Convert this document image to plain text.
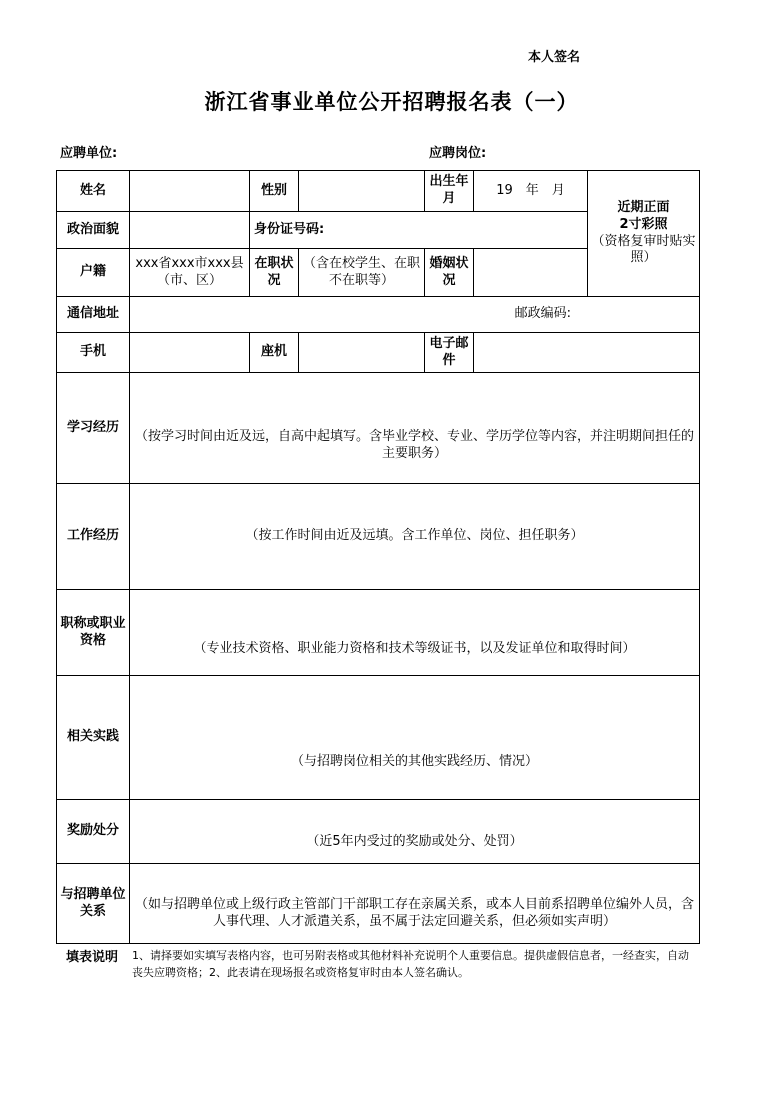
本人签名
浙江省事业单位公开招聘报名表（一）
应聘单位:	应聘岗位:
姓名		性别		出生年月	19　年　月	近期正面
2寸彩照
（资格复审时贴实照）

政治面貌		身份证号码:				
户籍	xxx省xxx市xxx县（市、区）	在职状况	（含在校学生、在职不在职等）	婚姻状况		
通信地址	邮政编码:					

手机		座机		电子邮件		
学习经历	（按学习时间由近及远，自高中起填写。含毕业学校、专业、学历学位等内容，并注明期间担任的主要职务）					
工作经历	（按工作时间由近及远填。含工作单位、岗位、担任职务）					
职称或职业资格	（专业技术资格、职业能力资格和技术等级证书，以及发证单位和取得时间）					
相关实践	（与招聘岗位相关的其他实践经历、情况）					
奖励处分	（近5年内受过的奖励或处分、处罚）					
与招聘单位关系	（如与招聘单位或上级行政主管部门干部职工存在亲属关系，或本人目前系招聘单位编外人员，含人事代理、人才派遣关系，虽不属于法定回避关系，但必须如实声明）					
填表说明 1、请择要如实填写表格内容，也可另附表格或其他材料补充说明个人重要信息。提供虚假信息者，一经查实，自动丧失应聘资格；2、此表请在现场报名或资格复审时由本人签名确认。
